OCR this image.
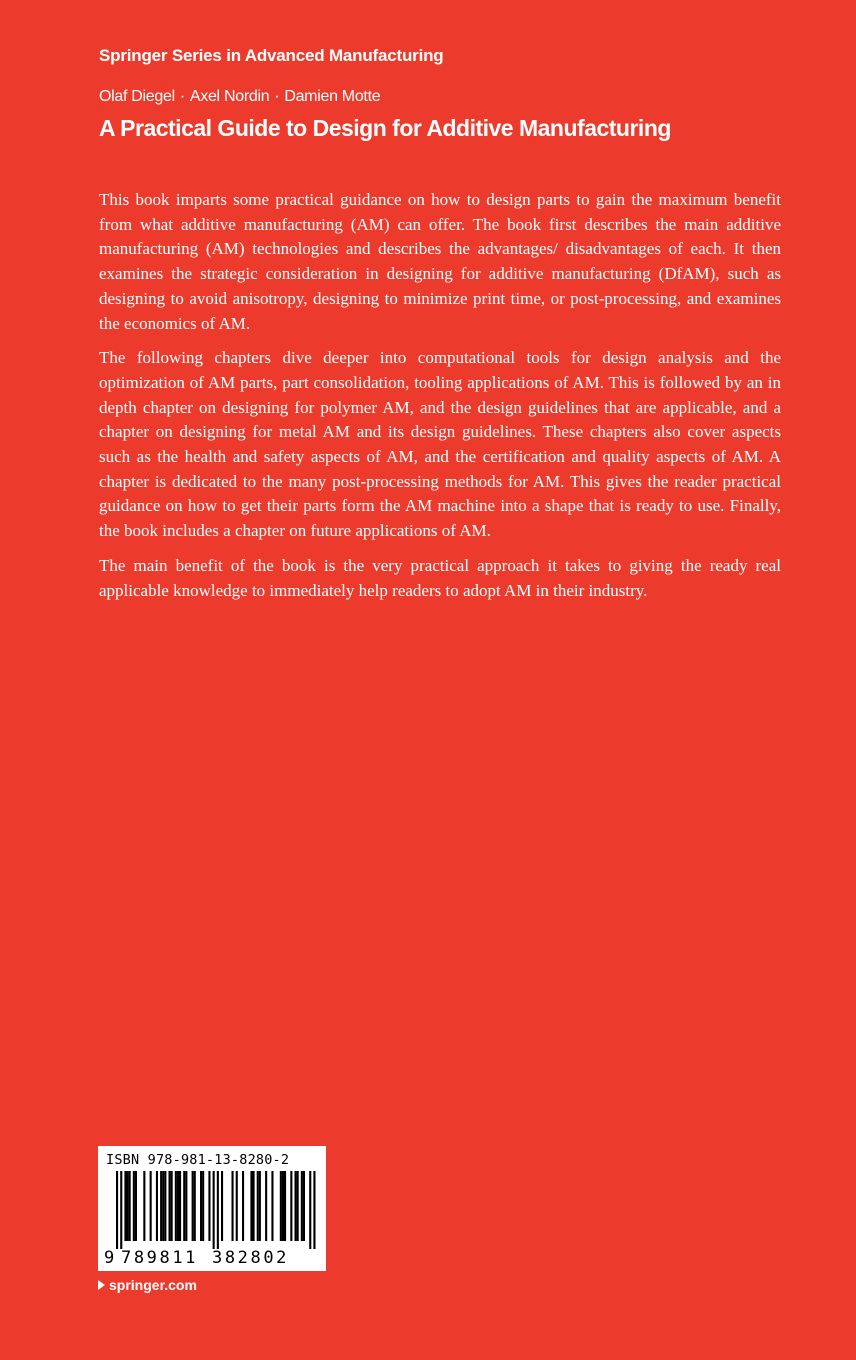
Springer Series in Advanced Manufacturing
Olaf Diegel · Axel Nordin · Damien Motte
A Practical Guide to Design for Additive Manufacturing

This book imparts some practical guidance on how to design parts to gain the maximum benefit from what additive manufacturing (AM) can offer. The book first describes the main additive manufacturing (AM) technologies and describes the advantages/ disadvantages of each. It then examines the strategic consideration in designing for additive manufacturing (DfAM), such as designing to avoid anisotropy, designing to minimize print time, or post-processing, and examines the economics of AM.

The following chapters dive deeper into computational tools for design analysis and the optimization of AM parts, part consolidation, tooling applications of AM. This is followed by an in depth chapter on designing for polymer AM, and the design guidelines that are applicable, and a chapter on designing for metal AM and its design guidelines. These chapters also cover aspects such as the health and safety aspects of AM, and the certification and quality aspects of AM. A chapter is dedicated to the many post-processing methods for AM. This gives the reader practical guidance on how to get their parts form the AM machine into a shape that is ready to use. Finally, the book includes a chapter on future applications of AM.

The main benefit of the book is the very practical approach it takes to giving the ready real applicable knowledge to immediately help readers to adopt AM in their industry.

ISBN 978-981-13-8280-2
9 789811 382802
springer.com
